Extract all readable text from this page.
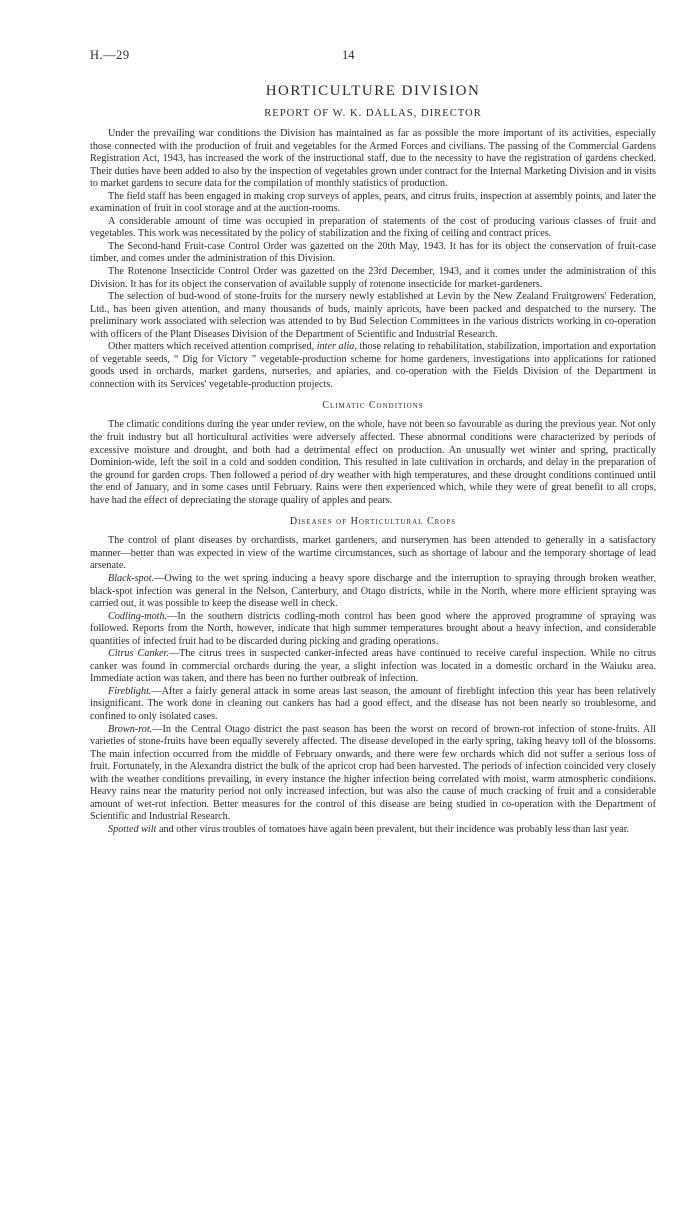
H.—29	14
HORTICULTURE DIVISION
REPORT OF W. K. DALLAS, DIRECTOR

Under the prevailing war conditions the Division has maintained as far as possible the more important of its activities, especially those connected with the production of fruit and vegetables for the Armed Forces and civilians. The passing of the Commercial Gardens Registration Act, 1943, has increased the work of the instructional staff, due to the necessity to have the registration of gardens checked. Their duties have been added to also by the inspection of vegetables grown under contract for the Internal Marketing Division and in visits to market gardens to secure data for the compilation of monthly statistics of production.

The field staff has been engaged in making crop surveys of apples, pears, and citrus fruits, inspection at assembly points, and later the examination of fruit in cool storage and at the auction-rooms.

A considerable amount of time was occupied in preparation of statements of the cost of producing various classes of fruit and vegetables. This work was necessitated by the policy of stabilization and the fixing of ceiling and contract prices.

The Second-hand Fruit-case Control Order was gazetted on the 20th May, 1943. It has for its object the conservation of fruit-case timber, and comes under the administration of this Division.

The Rotenone Insecticide Control Order was gazetted on the 23rd December, 1943, and it comes under the administration of this Division. It has for its object the conservation of available supply of rotenone insecticide for market-gardeners.

The selection of bud-wood of stone-fruits for the nursery newly established at Levin by the New Zealand Fruitgrowers' Federation, Ltd., has been given attention, and many thousands of buds, mainly apricots, have been packed and despatched to the nursery. The preliminary work associated with selection was attended to by Bud Selection Committees in the various districts working in co-operation with officers of the Plant Diseases Division of the Department of Scientific and Industrial Research.

Other matters which received attention comprised, inter alia, those relating to rehabilitation, stabilization, importation and exportation of vegetable seeds, “ Dig for Victory ” vegetable-production scheme for home gardeners, investigations into applications for rationed goods used in orchards, market gardens, nurseries, and apiaries, and co-operation with the Fields Division of the Department in connection with its Services' vegetable-production projects.

Climatic Conditions

The climatic conditions during the year under review, on the whole, have not been so favourable as during the previous year. Not only the fruit industry but all horticultural activities were adversely affected. These abnormal conditions were characterized by periods of excessive moisture and drought, and both had a detrimental effect on production. An unusually wet winter and spring, practically Dominion-wide, left the soil in a cold and sodden condition. This resulted in late cultivation in orchards, and delay in the preparation of the ground for garden crops. Then followed a period of dry weather with high temperatures, and these drought conditions continued until the end of January, and in some cases until February. Rains were then experienced which, while they were of great benefit to all crops, have had the effect of depreciating the storage quality of apples and pears.

Diseases of Horticultural Crops

The control of plant diseases by orchardists, market gardeners, and nurserymen has been attended to generally in a satisfactory manner—better than was expected in view of the wartime circumstances, such as shortage of labour and the temporary shortage of lead arsenate.

Black-spot.—Owing to the wet spring inducing a heavy spore discharge and the interruption to spraying through broken weather, black-spot infection was general in the Nelson, Canterbury, and Otago districts, while in the North, where more efficient spraying was carried out, it was possible to keep the disease well in check.

Codling-moth.—In the southern districts codling-moth control has been good where the approved programme of spraying was followed. Reports from the North, however, indicate that high summer temperatures brought about a heavy infection, and considerable quantities of infected fruit had to be discarded during picking and grading operations.

Citrus Canker.—The citrus trees in suspected canker-infected areas have continued to receive careful inspection. While no citrus canker was found in commercial orchards during the year, a slight infection was located in a domestic orchard in the Waiuku area. Immediate action was taken, and there has been no further outbreak of infection.

Fireblight.—After a fairly general attack in some areas last season, the amount of fireblight infection this year has been relatively insignificant. The work done in cleaning out cankers has had a good effect, and the disease has not been nearly so troublesome, and confined to only isolated cases.

Brown-rot.—In the Central Otago district the past season has been the worst on record of brown-rot infection of stone-fruits. All varieties of stone-fruits have been equally severely affected. The disease developed in the early spring, taking heavy toll of the blossoms. The main infection occurred from the middle of February onwards, and there were few orchards which did not suffer a serious loss of fruit. Fortunately, in the Alexandra district the bulk of the apricot crop had been harvested. The periods of infection coincided very closely with the weather conditions prevailing, in every instance the higher infection being correlated with moist, warm atmospheric conditions. Heavy rains near the maturity period not only increased infection, but was also the cause of much cracking of fruit and a considerable amount of wet-rot infection. Better measures for the control of this disease are being studied in co-operation with the Department of Scientific and Industrial Research.

Spotted wilt and other virus troubles of tomatoes have again been prevalent, but their incidence was probably less than last year.
